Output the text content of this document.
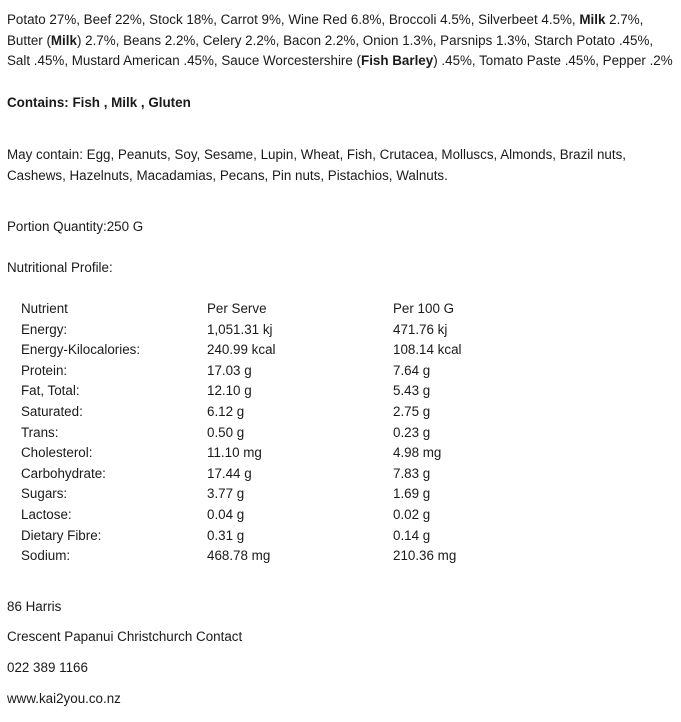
Potato 27%, Beef 22%, Stock 18%, Carrot 9%, Wine Red 6.8%, Broccoli 4.5%, Silverbeet 4.5%, Milk 2.7%, Butter (Milk) 2.7%, Beans 2.2%, Celery 2.2%, Bacon 2.2%, Onion 1.3%, Parsnips 1.3%, Starch Potato .45%, Salt .45%, Mustard American .45%, Sauce Worcestershire (Fish Barley) .45%, Tomato Paste .45%, Pepper .2%
Contains: Fish , Milk , Gluten
May contain: Egg, Peanuts, Soy, Sesame, Lupin, Wheat, Fish, Crutacea, Molluscs, Almonds, Brazil nuts, Cashews, Hazelnuts, Macadamias, Pecans, Pin nuts, Pistachios, Walnuts.
Portion Quantity:250 G
Nutritional Profile:
Nutrient	Per Serve	Per 100 G
Energy:	1,051.31 kj	471.76 kj
Energy-Kilocalories:	240.99 kcal	108.14 kcal
Protein:	17.03 g	7.64 g
Fat, Total:	12.10 g	5.43 g
Saturated:	6.12 g	2.75 g
Trans:	0.50 g	0.23 g
Cholesterol:	11.10 mg	4.98 mg
Carbohydrate:	17.44 g	7.83 g
Sugars:	3.77 g	1.69 g
Lactose:	0.04 g	0.02 g
Dietary Fibre:	0.31 g	0.14 g
Sodium:	468.78 mg	210.36 mg
86 Harris
Crescent Papanui Christchurch Contact
022 389 1166
www.kai2you.co.nz
